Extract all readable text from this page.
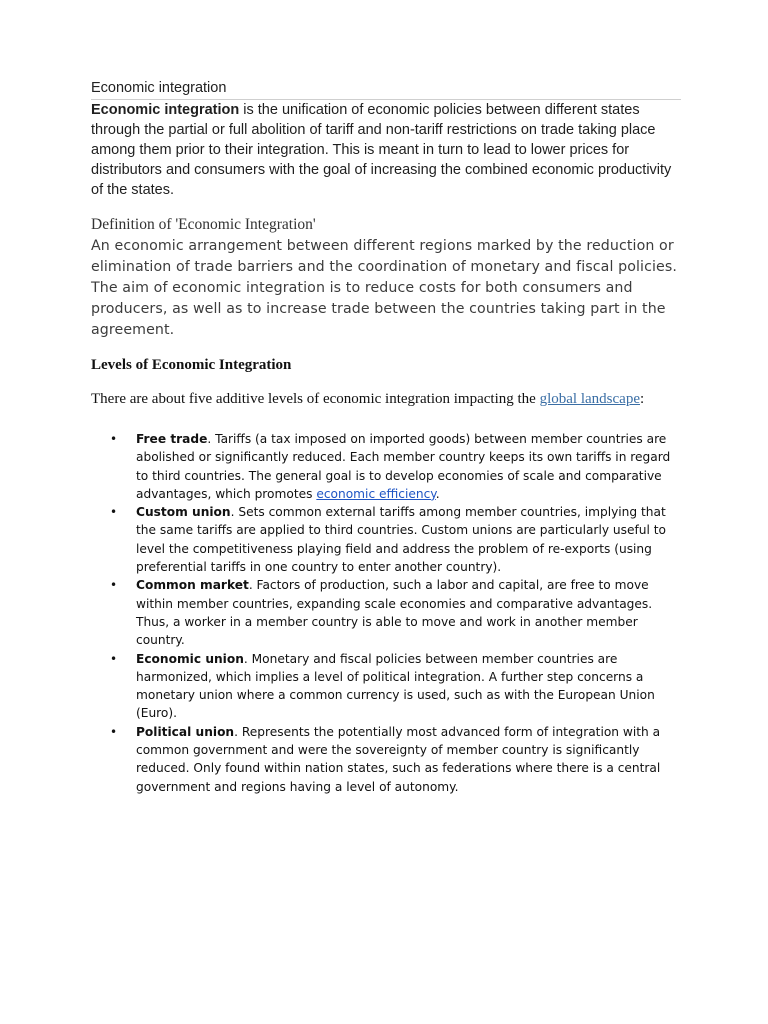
Economic integration

Economic integration is the unification of economic policies between different states through the partial or full abolition of tariff and non-tariff restrictions on trade taking place among them prior to their integration. This is meant in turn to lead to lower prices for distributors and consumers with the goal of increasing the combined economic productivity of the states.

Definition of 'Economic Integration'

An economic arrangement between different regions marked by the reduction or elimination of trade barriers and the coordination of monetary and fiscal policies. The aim of economic integration is to reduce costs for both consumers and producers, as well as to increase trade between the countries taking part in the agreement.

Levels of Economic Integration

There are about five additive levels of economic integration impacting the global landscape:

• Free trade. Tariffs (a tax imposed on imported goods) between member countries are abolished or significantly reduced. Each member country keeps its own tariffs in regard to third countries. The general goal is to develop economies of scale and comparative advantages, which promotes economic efficiency.
• Custom union. Sets common external tariffs among member countries, implying that the same tariffs are applied to third countries. Custom unions are particularly useful to level the competitiveness playing field and address the problem of re-exports (using preferential tariffs in one country to enter another country).
• Common market. Factors of production, such a labor and capital, are free to move within member countries, expanding scale economies and comparative advantages. Thus, a worker in a member country is able to move and work in another member country.
• Economic union. Monetary and fiscal policies between member countries are harmonized, which implies a level of political integration. A further step concerns a monetary union where a common currency is used, such as with the European Union (Euro).
• Political union. Represents the potentially most advanced form of integration with a common government and were the sovereignty of member country is significantly reduced. Only found within nation states, such as federations where there is a central government and regions having a level of autonomy.
